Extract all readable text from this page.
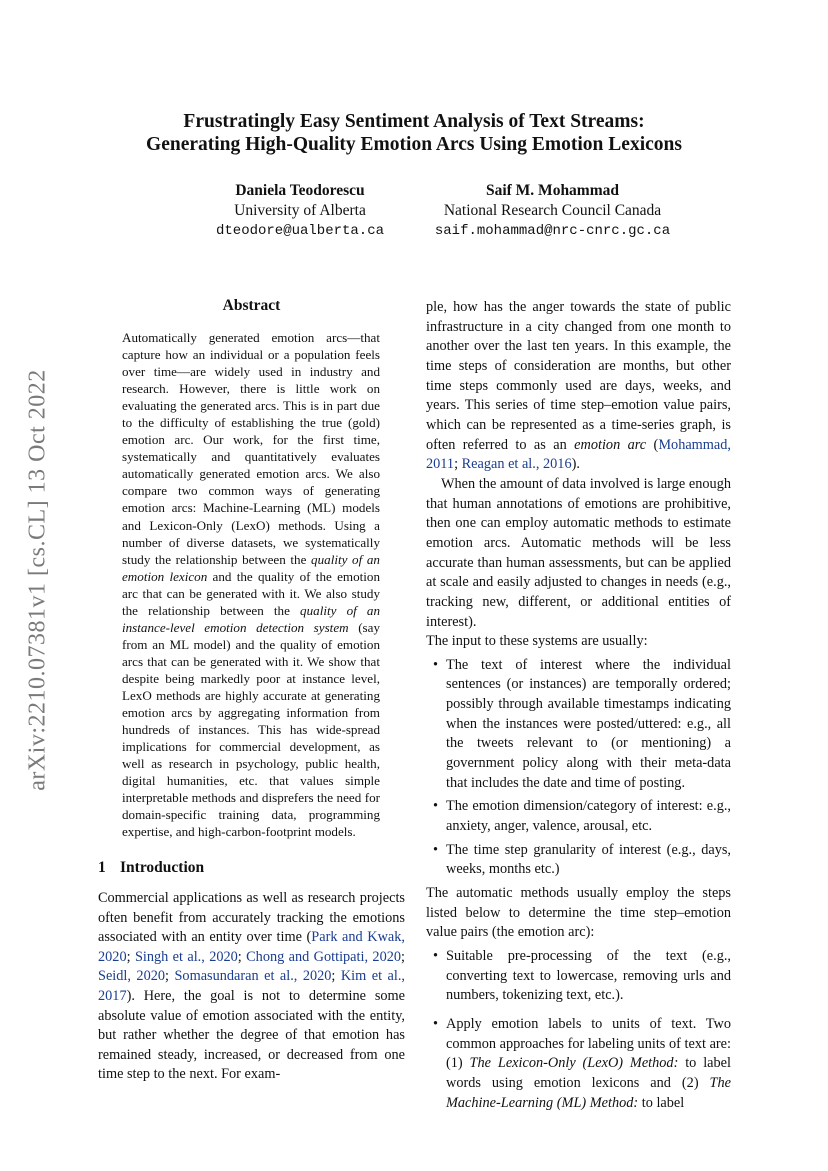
Frustratingly Easy Sentiment Analysis of Text Streams:
Generating High-Quality Emotion Arcs Using Emotion Lexicons
Daniela Teodorescu
University of Alberta
dteodore@ualberta.ca
Saif M. Mohammad
National Research Council Canada
saif.mohammad@nrc-cnrc.gc.ca
arXiv:2210.07381v1 [cs.CL] 13 Oct 2022
Abstract
Automatically generated emotion arcs—that capture how an individual or a population feels over time—are widely used in industry and research. However, there is little work on evaluating the generated arcs. This is in part due to the difficulty of establishing the true (gold) emotion arc. Our work, for the first time, systematically and quantitatively evaluates automatically generated emotion arcs. We also compare two common ways of generating emotion arcs: Machine-Learning (ML) models and Lexicon-Only (LexO) methods. Using a number of diverse datasets, we systematically study the relationship between the quality of an emotion lexicon and the quality of the emotion arc that can be generated with it. We also study the relationship between the quality of an instance-level emotion detection system (say from an ML model) and the quality of emotion arcs that can be generated with it. We show that despite being markedly poor at instance level, LexO methods are highly accurate at generating emotion arcs by aggregating information from hundreds of instances. This has wide-spread implications for commercial development, as well as research in psychology, public health, digital humanities, etc. that values simple interpretable methods and disprefers the need for domain-specific training data, programming expertise, and high-carbon-footprint models.
1 Introduction
Commercial applications as well as research projects often benefit from accurately tracking the emotions associated with an entity over time (Park and Kwak, 2020; Singh et al., 2020; Chong and Gottipati, 2020; Seidl, 2020; Somasundaran et al., 2020; Kim et al., 2017). Here, the goal is not to determine some absolute value of emotion associated with the entity, but rather whether the degree of that emotion has remained steady, increased, or decreased from one time step to the next. For exam-

ple, how has the anger towards the state of public infrastructure in a city changed from one month to another over the last ten years. In this example, the time steps of consideration are months, but other time steps commonly used are days, weeks, and years. This series of time step–emotion value pairs, which can be represented as a time-series graph, is often referred to as an emotion arc (Mohammad, 2011; Reagan et al., 2016).

When the amount of data involved is large enough that human annotations of emotions are prohibitive, then one can employ automatic methods to estimate emotion arcs. Automatic methods will be less accurate than human assessments, but can be applied at scale and easily adjusted to changes in needs (e.g., tracking new, different, or additional entities of interest).

The input to these systems are usually:

• The text of interest where the individual sentences (or instances) are temporally ordered; possibly through available timestamps indicating when the instances were posted/uttered: e.g., all the tweets relevant to (or mentioning) a government policy along with their meta-data that includes the date and time of posting.
• The emotion dimension/category of interest: e.g., anxiety, anger, valence, arousal, etc.
• The time step granularity of interest (e.g., days, weeks, months etc.)

The automatic methods usually employ the steps listed below to determine the time step–emotion value pairs (the emotion arc):

• Suitable pre-processing of the text (e.g., converting text to lowercase, removing urls and numbers, tokenizing text, etc.).
• Apply emotion labels to units of text. Two common approaches for labeling units of text are: (1) The Lexicon-Only (LexO) Method: to label words using emotion lexicons and (2) The Machine-Learning (ML) Method: to label
